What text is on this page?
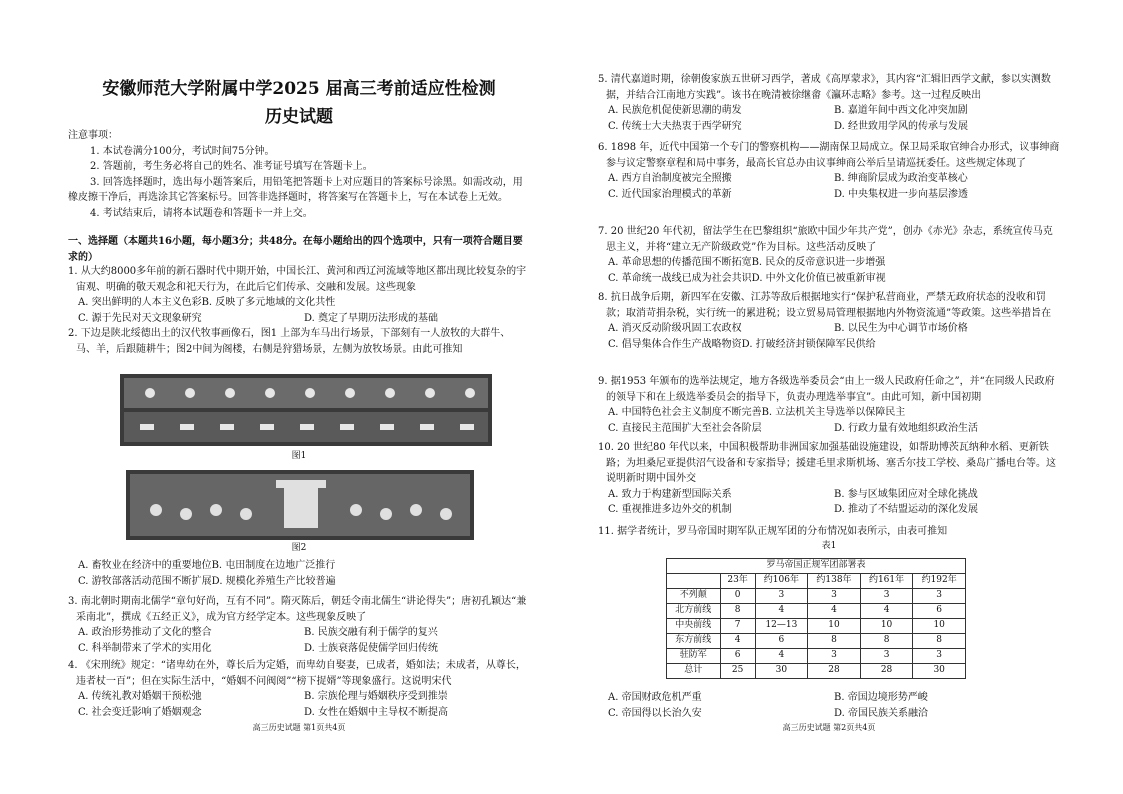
安徽师范大学附属中学2025 届高三考前适应性检测
历史试题

注意事项：

1. 本试卷满分100分，考试时间75分钟。

2. 答题前，考生务必将自己的姓名、准考证号填写在答题卡上。

3. 回答选择题时，选出每小题答案后，用铅笔把答题卡上对应题目的答案标号涂黑。如需改动，用橡皮擦干净后，再选涂其它答案标号。回答非选择题时，将答案写在答题卡上，写在本试卷上无效。

4. 考试结束后，请将本试题卷和答题卡一并上交。

一、选择题（本题共16小题，每小题3分；共48分。在每小题给出的四个选项中，只有一项符合题目要求的）

1. 从大约8000多年前的新石器时代中期开始，中国长江、黄河和西辽河流域等地区都出现比较复杂的宇宙观、明确的敬天观念和祀天行为，在此后它们传承、交融和发展。这些现象

A. 突出鲜明的人本主义色彩B. 反映了多元地域的文化共性
C. 源于先民对天文现象研究	D. 奠定了早期历法形成的基础

2. 下边是陕北绥德出土的汉代牧事画像石，图1 上部为车马出行场景，下部刻有一人放牧的大群牛、马、羊，后跟随耕牛；图2中间为阁楼，右侧是狩猎场景，左侧为放牧场景。由此可推知

图1
图2
A. 畜牧业在经济中的重要地位B. 屯田制度在边地广泛推行
C. 游牧部落活动范围不断扩展D. 规模化养殖生产比较普遍

3. 南北朝时期南北儒学“章句好尚，互有不同”。隋灭陈后，朝廷令南北儒生“讲论得失”；唐初孔颖达“兼采南北”，撰成《五经正义》，成为官方经学定本。这些现象反映了

A. 政治形势推动了文化的整合	B. 民族交融有利于儒学的复兴
C. 科举制带来了学术的实用化	D. 士族衰落促使儒学回归传统

4. 《宋刑统》规定：“诸卑幼在外，尊长后为定婚，而卑幼自娶妻，已成者，婚如法；未成者，从尊长，违者杖一百”；但在实际生活中，“婚姻不问阀阅”“榜下捉婿”等现象盛行。这说明宋代

A. 传统礼教对婚姻干预松弛	B. 宗族伦理与婚姻秩序受到推崇
C. 社会变迁影响了婚姻观念	D. 女性在婚姻中主导权不断提高
高三历史试题 第1页共4页

5. 清代嘉道时期，徐朝俊家族五世研习西学，著成《高厚蒙求》，其内容“汇辑旧西学文献，参以实测数据，并结合江南地方实践”。该书在晚清被徐继畬《瀛环志略》参考。这一过程反映出

A. 民族危机促使新思潮的萌发	B. 嘉道年间中西文化冲突加剧
C. 传统士大夫热衷于西学研究	D. 经世致用学风的传承与发展

6. 1898 年，近代中国第一个专门的警察机构——湖南保卫局成立。保卫局采取官绅合办形式，议事绅商参与议定警察章程和局中事务，最高长官总办由议事绅商公举后呈请巡抚委任。这些规定体现了

A. 西方自治制度被完全照搬	B. 绅商阶层成为政治变革核心
C. 近代国家治理模式的革新	D. 中央集权进一步向基层渗透

7. 20 世纪20 年代初，留法学生在巴黎组织“旅欧中国少年共产党”，创办《赤光》杂志，系统宣传马克思主义，并将“建立无产阶级政党”作为目标。这些活动反映了

A. 革命思想的传播范围不断拓宽B. 民众的反帝意识进一步增强
C. 革命统一战线已成为社会共识D. 中外文化价值已被重新审视

8. 抗日战争后期，新四军在安徽、江苏等敌后根据地实行“保护私营商业，严禁无政府状态的没收和罚款；取消苛捐杂税，实行统一的累进税；设立贸易局管理根据地内外物资流通”等政策。这些举措旨在

A. 消灭反动阶级巩固工农政权	B. 以民生为中心调节市场价格
C. 倡导集体合作生产战略物资D. 打破经济封锁保障军民供给

9. 据1953 年颁布的选举法规定，地方各级选举委员会“由上一级人民政府任命之”，并“在同级人民政府的领导下和在上级选举委员会的指导下，负责办理选举事宜”。由此可知，新中国初期

A. 中国特色社会主义制度不断完善B. 立法机关主导选举以保障民主
C. 直接民主范围扩大至社会各阶层	D. 行政力量有效地组织政治生活

10. 20 世纪80 年代以来，中国积极帮助非洲国家加强基础设施建设，如帮助博茨瓦纳种水稻、更新铁路；为坦桑尼亚提供沼气设备和专家指导；援建毛里求斯机场、塞舌尔技工学校、桑岛广播电台等。这说明新时期中国外交

A. 致力于构建新型国际关系	B. 参与区域集团应对全球化挑战
C. 重视推进多边外交的机制	D. 推动了不结盟运动的深化发展

11. 据学者统计，罗马帝国时期军队正规军团的分布情况如表所示，由表可推知

表1
罗马帝国正规军团部署表					
	23年	约106年	约138年	约161年	约192年
不列颠	0	3	3	3	3
北方前线	8	4	4	4	6
中央前线	7	12—13	10	10	10
东方前线	4	6	8	8	8
驻防军	6	4	3	3	3
总计	25	30	28	28	30
A. 帝国财政危机严重	B. 帝国边境形势严峻
C. 帝国得以长治久安	D. 帝国民族关系融洽
高三历史试题 第2页共4页
